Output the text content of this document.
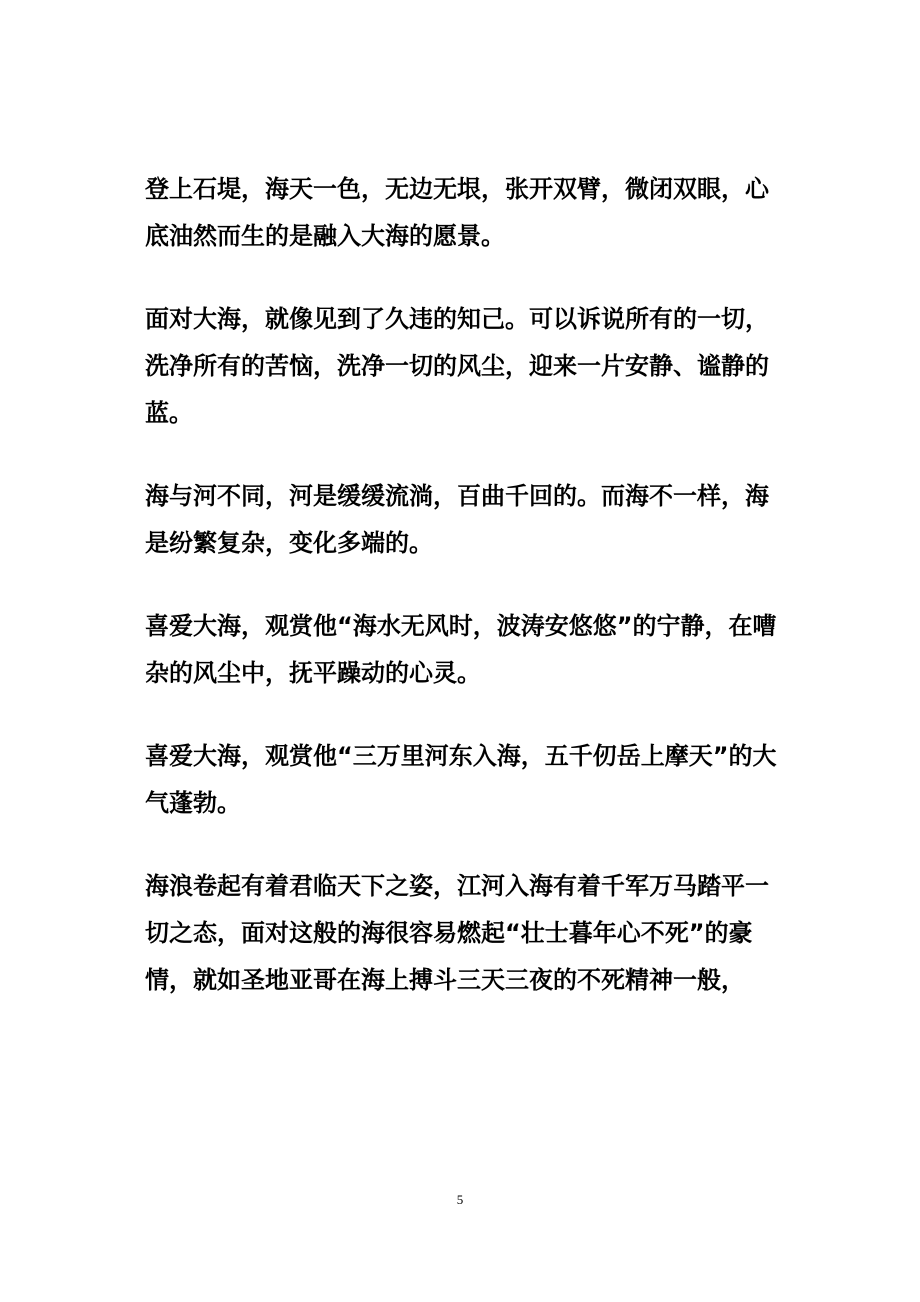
登上石堤，海天一色，无边无垠，张开双臂，微闭双眼，心底油然而生的是融入大海的愿景。

面对大海，就像见到了久违的知己。可以诉说所有的一切，洗净所有的苦恼，洗净一切的风尘，迎来一片安静、谧静的蓝。

海与河不同，河是缓缓流淌，百曲千回的。而海不一样，海是纷繁复杂，变化多端的。

喜爱大海，观赏他“海水无风时，波涛安悠悠”的宁静，在嘈杂的风尘中，抚平躁动的心灵。

喜爱大海，观赏他“三万里河东入海，五千仞岳上摩天”的大气蓬勃。

海浪卷起有着君临天下之姿，江河入海有着千军万马踏平一切之态，面对这般的海很容易燃起“壮士暮年心不死”的豪情，就如圣地亚哥在海上搏斗三天三夜的不死精神一般，

5
